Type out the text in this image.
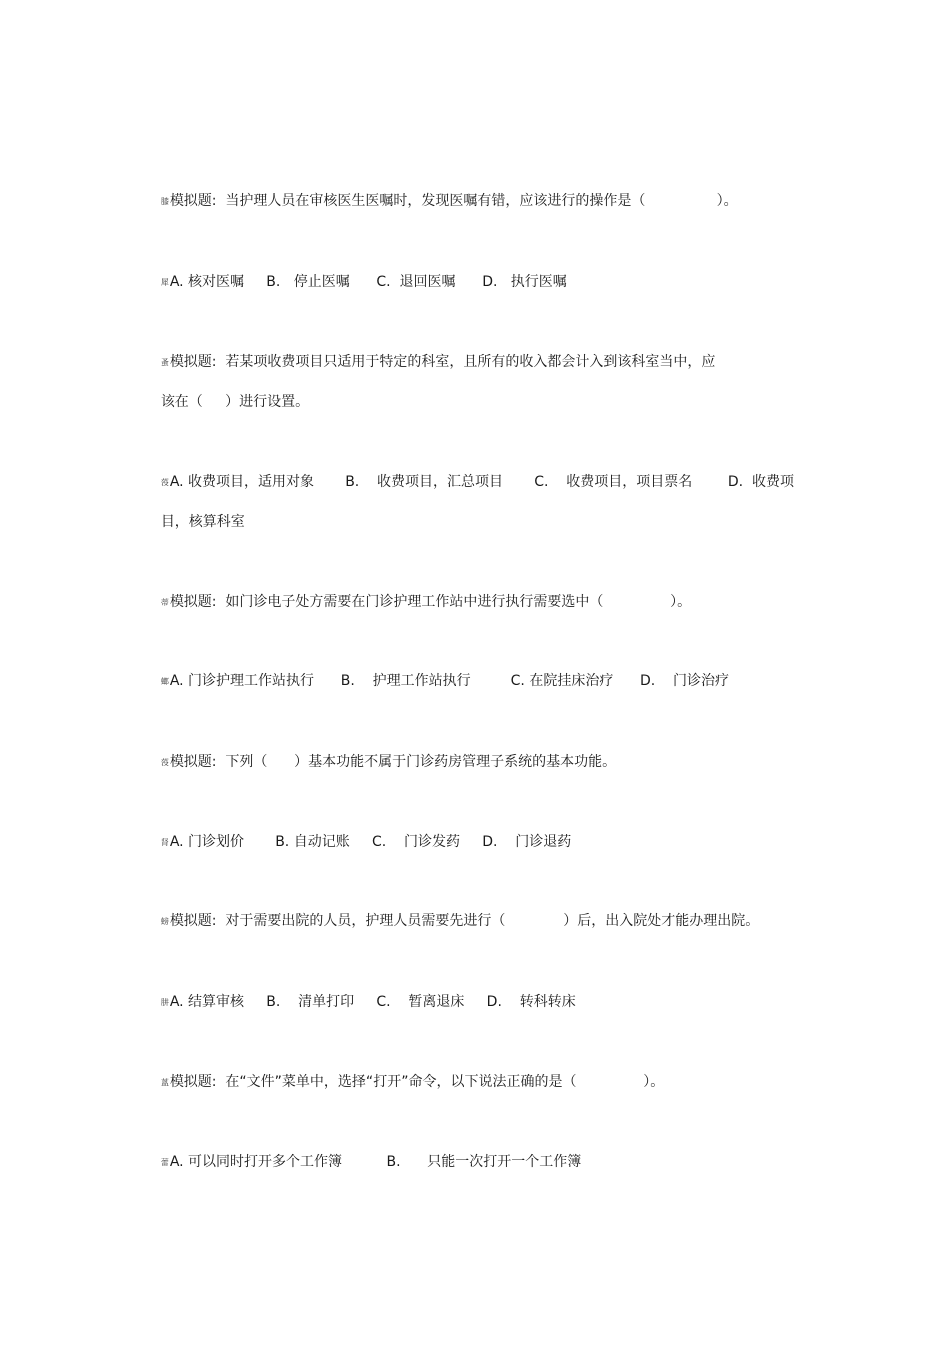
膝模拟题:  当护理人员在审核医生医嘱时，发现医嘱有错，应该进行的操作是（                ）。

犀A. 核对医嘱     B.   停止医嘱      C.  退回医嘱      D.   执行医嘱

蚤模拟题:  若某项收费项目只适用于特定的科室，且所有的收入都会计入到该科室当中，应

该在（     ）进行设置。

莈A. 收费项目，适用对象       B.    收费项目，汇总项目       C.    收费项目，项目票名        D.  收费项

目，核算科室

蒂模拟题:  如门诊电子处方需要在门诊护理工作站中进行执行需要选中（               ）。

螂A. 门诊护理工作站执行      B.    护理工作站执行         C. 在院挂床治疗      D.    门诊治疗

莈模拟题:  下列（      ）基本功能不属于门诊药房管理子系统的基本功能。

肾A. 门诊划价       B. 自动记账     C.    门诊发药     D.    门诊退药

螃模拟题:  对于需要出院的人员，护理人员需要先进行（             ）后，出入院处才能办理出院。

肼A. 结算审核     B.    清单打印     C.    暂离退床     D.    转科转床

蒕模拟题:  在“文件”菜单中，选择“打开”命令，以下说法正确的是（               ）。

蕾A. 可以同时打开多个工作簿          B.      只能一次打开一个工作簿
